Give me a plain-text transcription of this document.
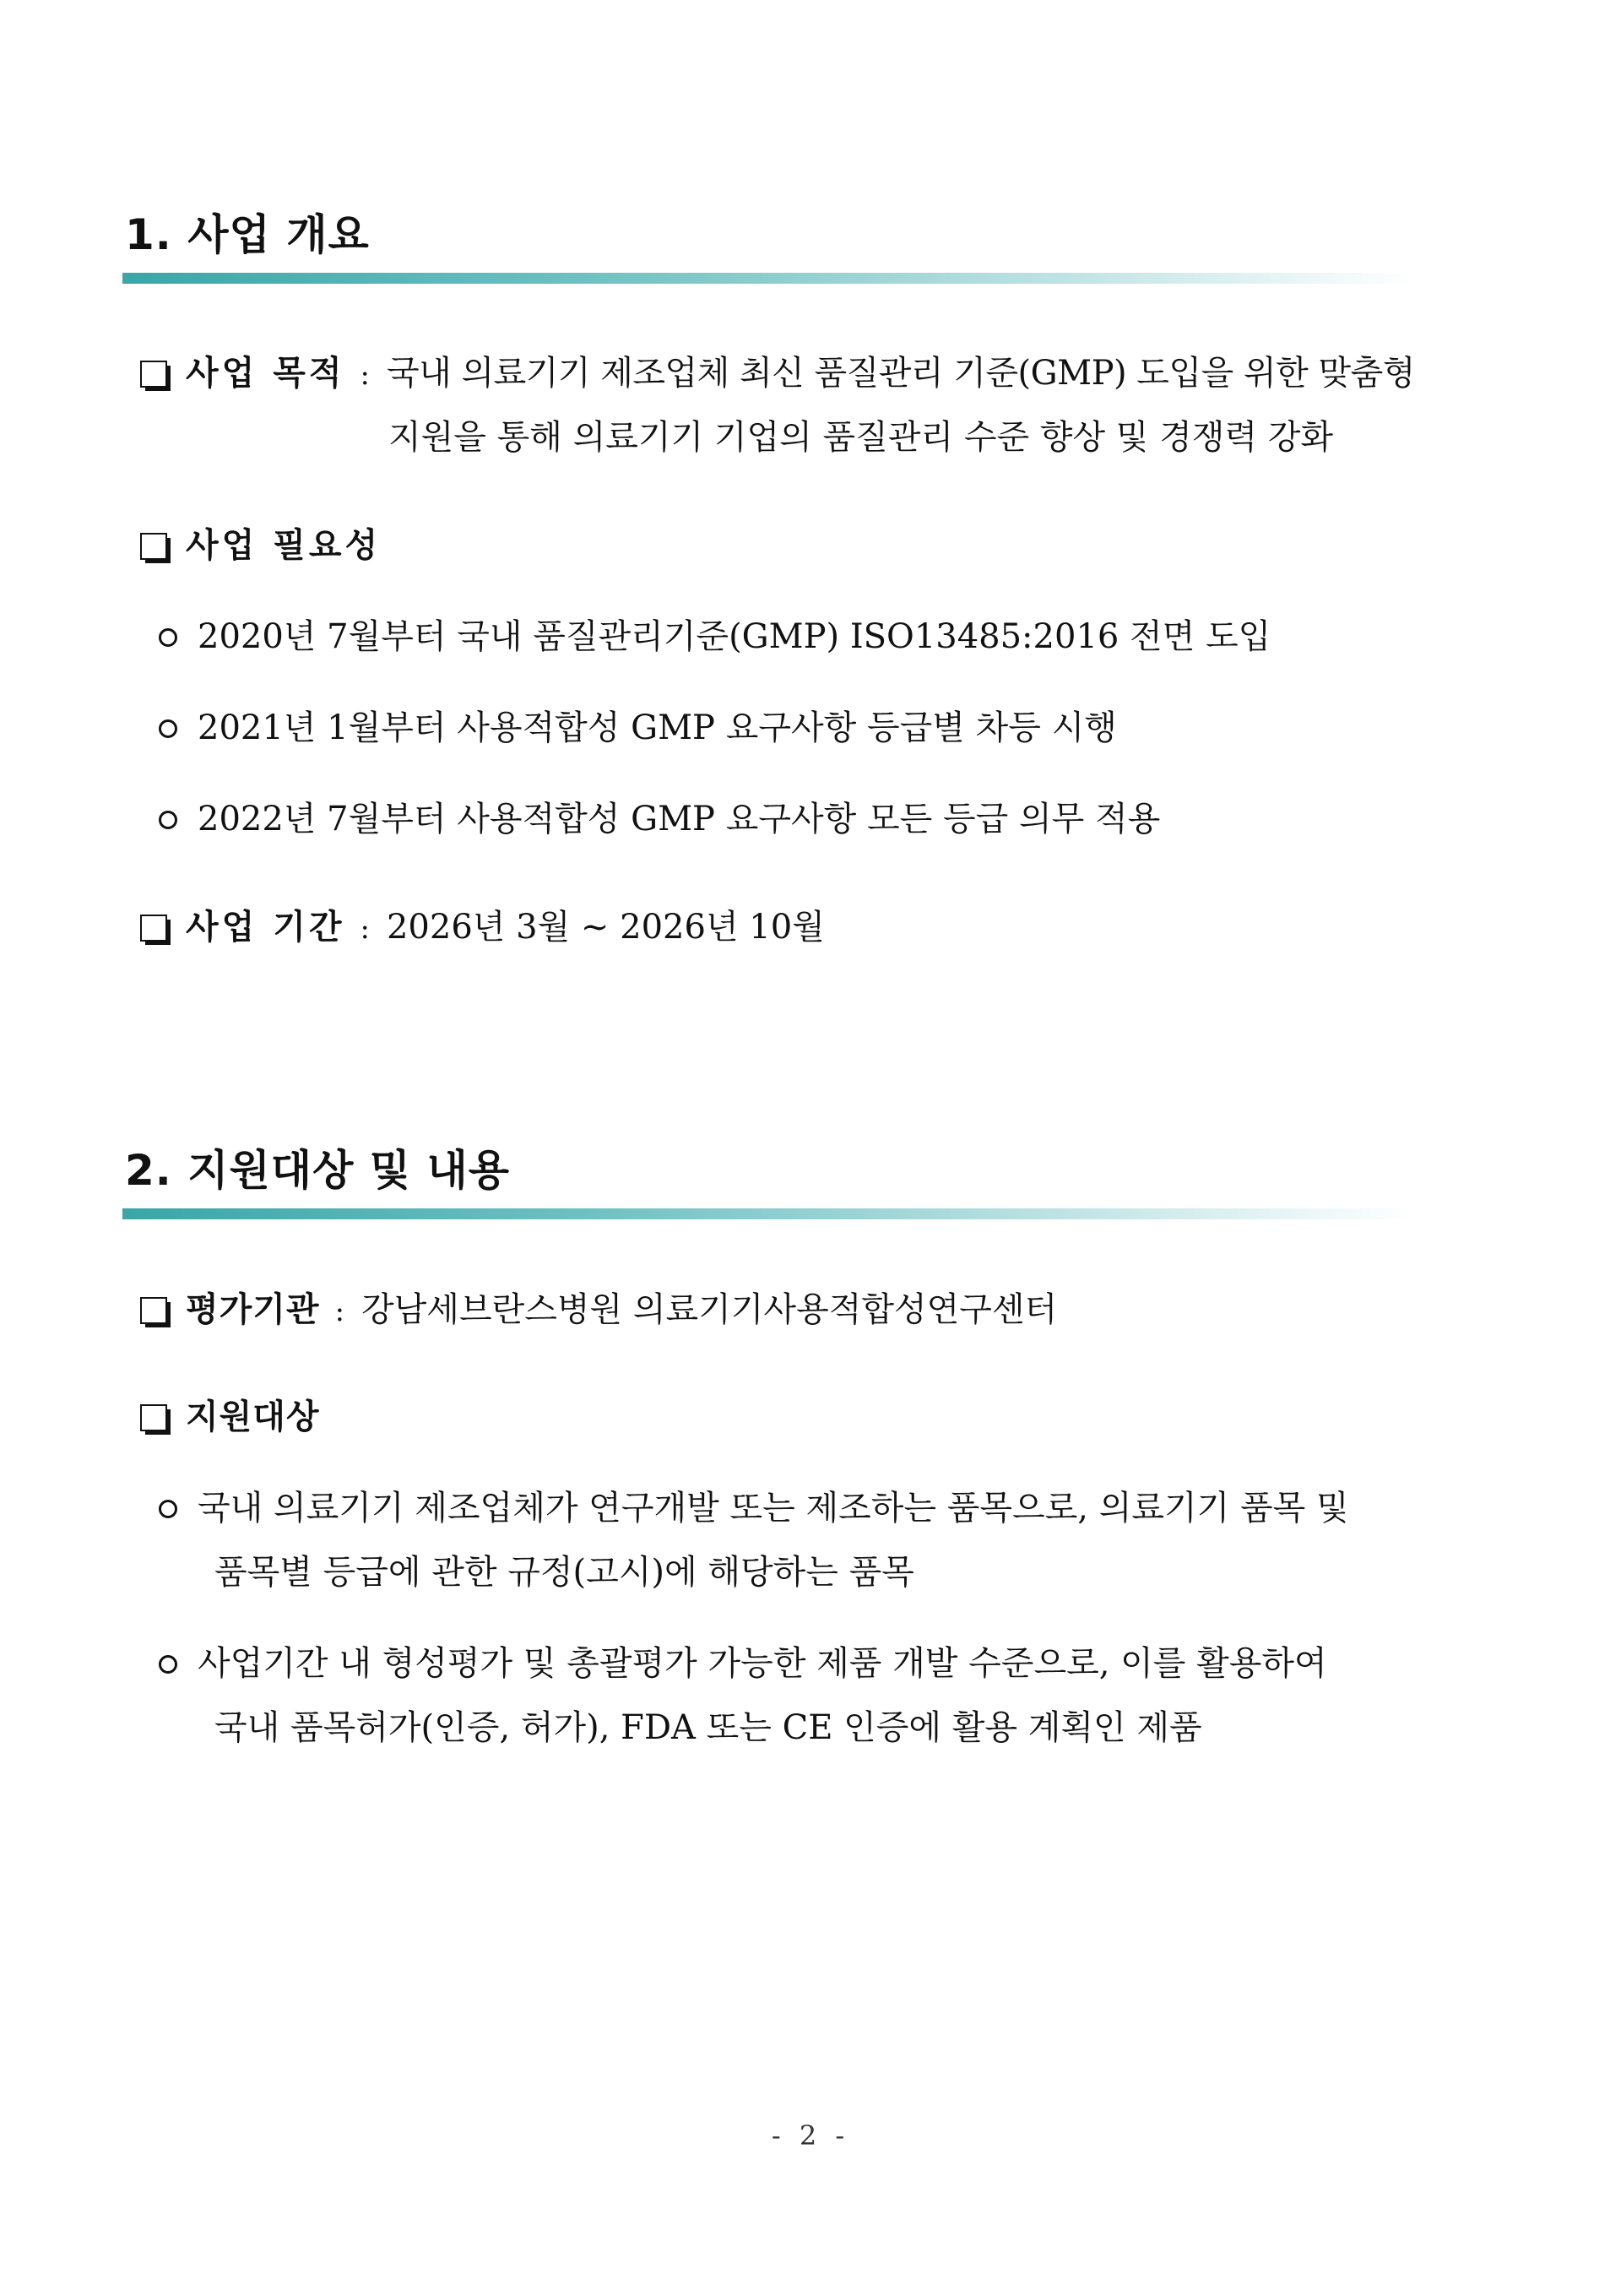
1. 사업 개요
사업 목적 : 국내 의료기기 제조업체 최신 품질관리 기준(GMP) 도입을 위한 맞춤형
지원을 통해 의료기기 기업의 품질관리 수준 향상 및 경쟁력 강화
사업 필요성
2020년 7월부터 국내 품질관리기준(GMP) ISO13485:2016 전면 도입
2021년 1월부터 사용적합성 GMP 요구사항 등급별 차등 시행
2022년 7월부터 사용적합성 GMP 요구사항 모든 등급 의무 적용
사업 기간 : 2026년 3월 ~ 2026년 10월
2. 지원대상 및 내용
평가기관 : 강남세브란스병원 의료기기사용적합성연구센터
지원대상
국내 의료기기 제조업체가 연구개발 또는 제조하는 품목으로, 의료기기 품목 및
품목별 등급에 관한 규정(고시)에 해당하는 품목
사업기간 내 형성평가 및 총괄평가 가능한 제품 개발 수준으로, 이를 활용하여
국내 품목허가(인증, 허가), FDA 또는 CE 인증에 활용 계획인 제품
- 2 -
